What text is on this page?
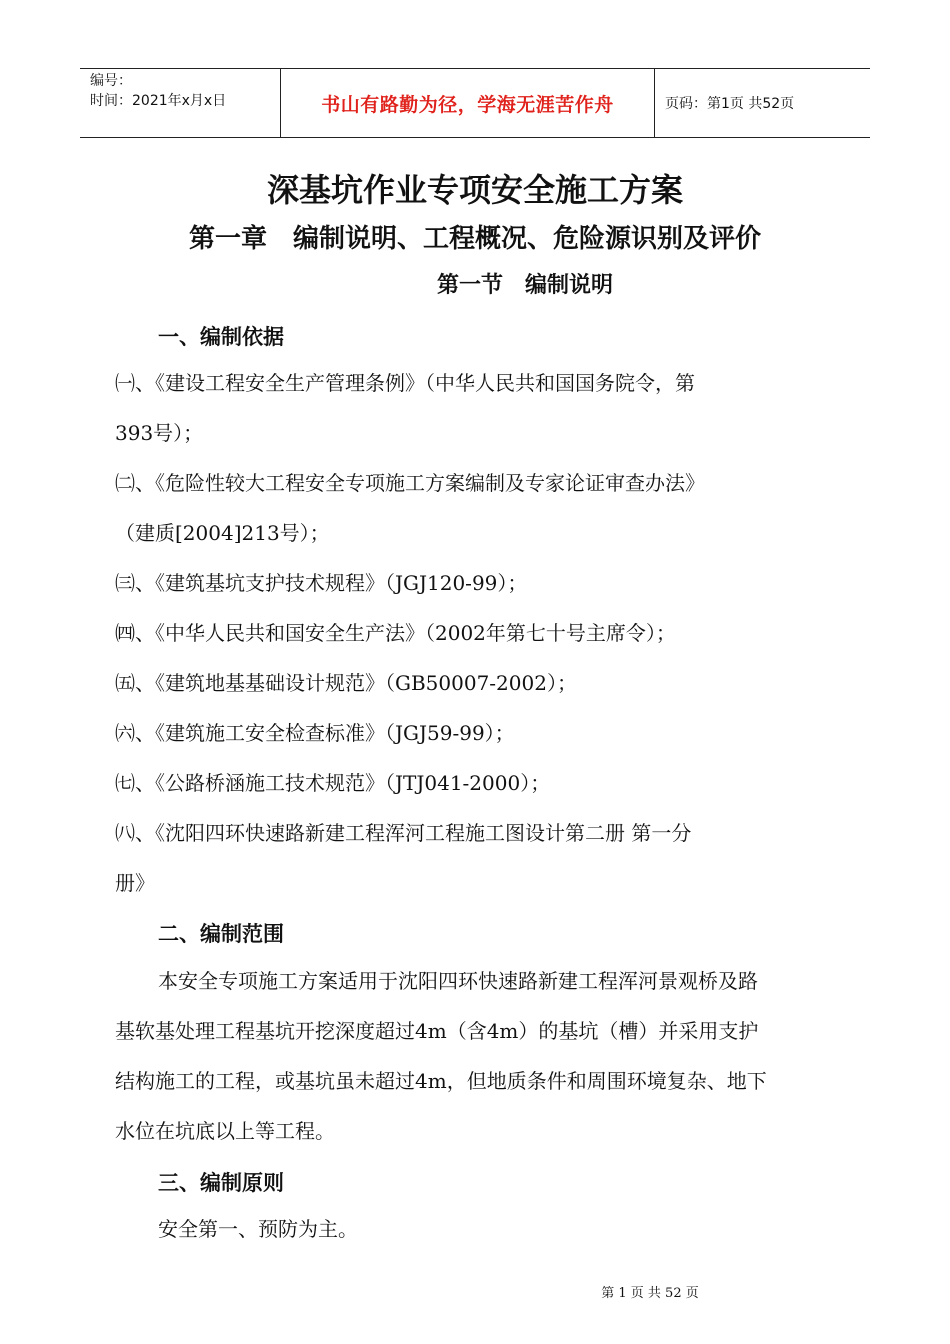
编号：
时间：2021年x月x日	书山有路勤为径，学海无涯苦作舟	页码：第1页 共52页
深基坑作业专项安全施工方案
第一章　编制说明、工程概况、危险源识别及评价
第一节　编制说明
一、编制依据
㈠、《建设工程安全生产管理条例》（中华人民共和国国务院令，第
393号）；
㈡、《危险性较大工程安全专项施工方案编制及专家论证审查办法》
（建质[2004]213号）；
㈢、《建筑基坑支护技术规程》（JGJ120-99）；
㈣、《中华人民共和国安全生产法》（2002年第七十号主席令）；
㈤、《建筑地基基础设计规范》（GB50007-2002）；
㈥、《建筑施工安全检查标准》（JGJ59-99）；
㈦、《公路桥涵施工技术规范》（JTJ041-2000）；
㈧、《沈阳四环快速路新建工程浑河工程施工图设计第二册 第一分
册》
二、编制范围
本安全专项施工方案适用于沈阳四环快速路新建工程浑河景观桥及路
基软基处理工程基坑开挖深度超过4m（含4m）的基坑（槽）并采用支护
结构施工的工程，或基坑虽未超过4m，但地质条件和周围环境复杂、地下
水位在坑底以上等工程。
三、编制原则
安全第一、预防为主。
第 1 页 共 52 页
